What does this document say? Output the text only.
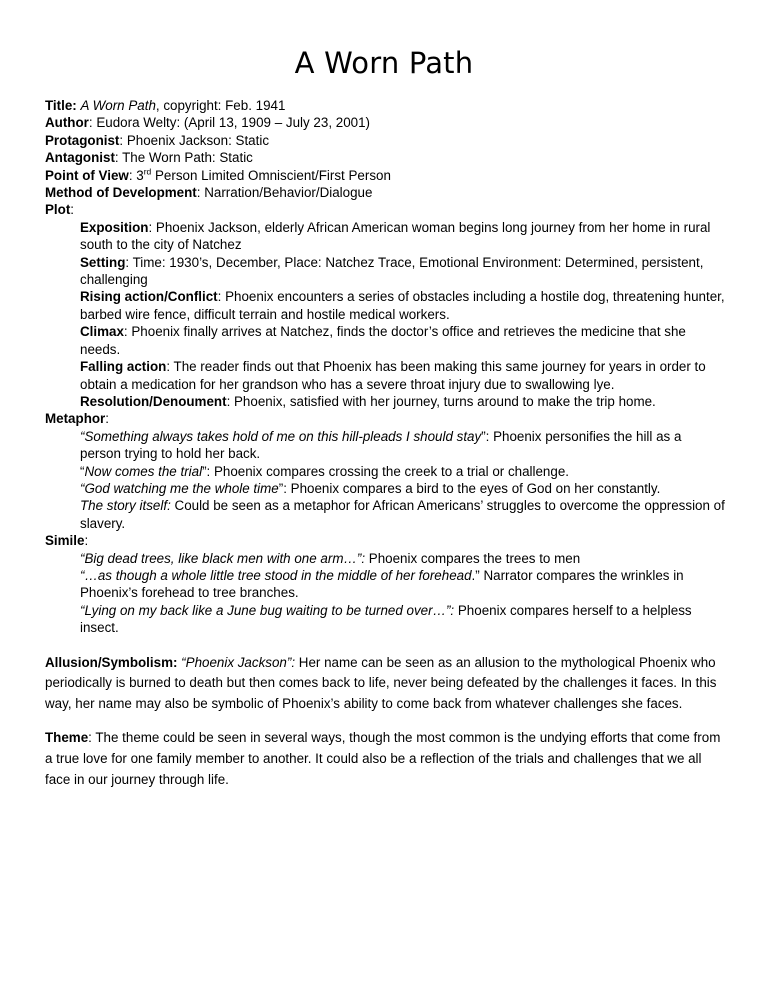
A Worn Path

Title: A Worn Path, copyright: Feb. 1941

Author: Eudora Welty: (April 13, 1909 – July 23, 2001)

Protagonist: Phoenix Jackson: Static

Antagonist: The Worn Path: Static

Point of View: 3rd Person Limited Omniscient/First Person

Method of Development: Narration/Behavior/Dialogue

Plot:

Exposition: Phoenix Jackson, elderly African American woman begins long journey from her home in rural south to the city of Natchez

Setting: Time: 1930’s, December, Place: Natchez Trace, Emotional Environment: Determined, persistent, challenging

Rising action/Conflict: Phoenix encounters a series of obstacles including a hostile dog, threatening hunter, barbed wire fence, difficult terrain and hostile medical workers.

Climax: Phoenix finally arrives at Natchez, finds the doctor’s office and retrieves the medicine that she needs.

Falling action: The reader finds out that Phoenix has been making this same journey for years in order to obtain a medication for her grandson who has a severe throat injury due to swallowing lye.

Resolution/Denoument: Phoenix, satisfied with her journey, turns around to make the trip home.

Metaphor:

“Something always takes hold of me on this hill-pleads I should stay”: Phoenix personifies the hill as a person trying to hold her back.

“Now comes the trial”: Phoenix compares crossing the creek to a trial or challenge.

“God watching me the whole time”: Phoenix compares a bird to the eyes of God on her constantly.

The story itself: Could be seen as a metaphor for African Americans’ struggles to overcome the oppression of slavery.

Simile:

“Big dead trees, like black men with one arm…”: Phoenix compares the trees to men

“…as though a whole little tree stood in the middle of her forehead.” Narrator compares the wrinkles in Phoenix’s forehead to tree branches.

“Lying on my back like a June bug waiting to be turned over…”: Phoenix compares herself to a helpless insect.

Allusion/Symbolism: “Phoenix Jackson”: Her name can be seen as an allusion to the mythological Phoenix who periodically is burned to death but then comes back to life, never being defeated by the challenges it faces. In this way, her name may also be symbolic of Phoenix’s ability to come back from whatever challenges she faces.

Theme: The theme could be seen in several ways, though the most common is the undying efforts that come from a true love for one family member to another. It could also be a reflection of the trials and challenges that we all face in our journey through life.
